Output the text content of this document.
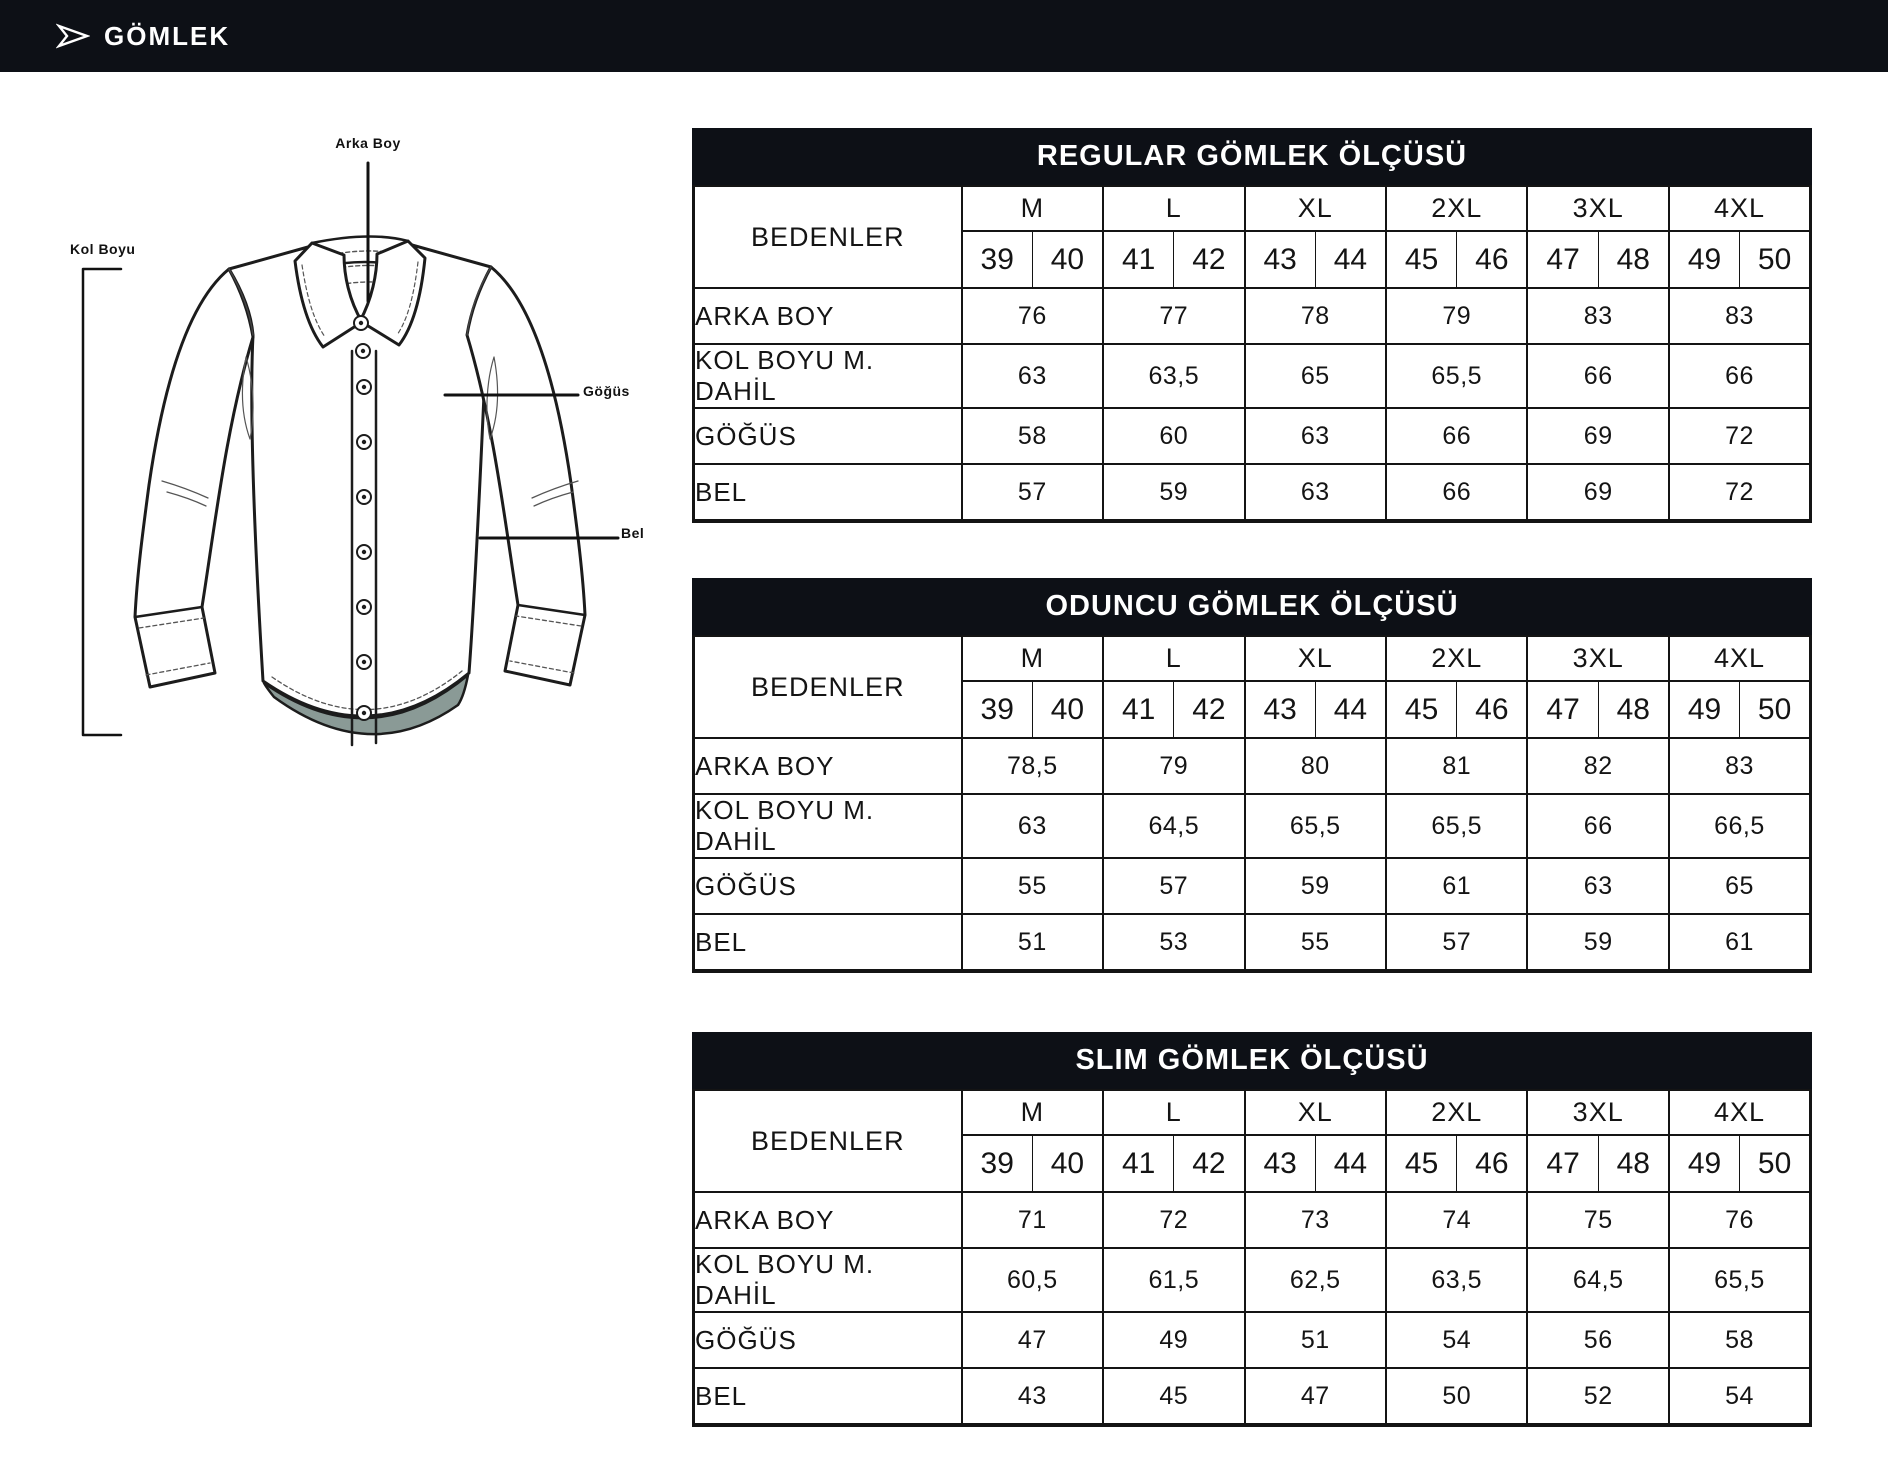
GÖMLEK
Arka Boy
Kol Boyu
Göğüs
Bel
REGULAR GÖMLEK ÖLÇÜSÜ
BEDENLER	M		L		XL		2XL		3XL		4XL	
	39	40	41	42	43	44	45	46	47	48	49	50
ARKA BOY	76		77		78		79		83		83	
KOL BOYU M. DAHİL	63		63,5		65		65,5		66		66	
GÖĞÜS	58		60		63		66		69		72	
BEL	57		59		63		66		69		72	
ODUNCU GÖMLEK ÖLÇÜSÜ
BEDENLER	M		L		XL		2XL		3XL		4XL	
	39	40	41	42	43	44	45	46	47	48	49	50
ARKA BOY	78,5		79		80		81		82		83	
KOL BOYU M. DAHİL	63		64,5		65,5		65,5		66		66,5	
GÖĞÜS	55		57		59		61		63		65	
BEL	51		53		55		57		59		61	
SLIM GÖMLEK ÖLÇÜSÜ
BEDENLER	M		L		XL		2XL		3XL		4XL	
	39	40	41	42	43	44	45	46	47	48	49	50
ARKA BOY	71		72		73		74		75		76	
KOL BOYU M. DAHİL	60,5		61,5		62,5		63,5		64,5		65,5	
GÖĞÜS	47		49		51		54		56		58	
BEL	43		45		47		50		52		54	
